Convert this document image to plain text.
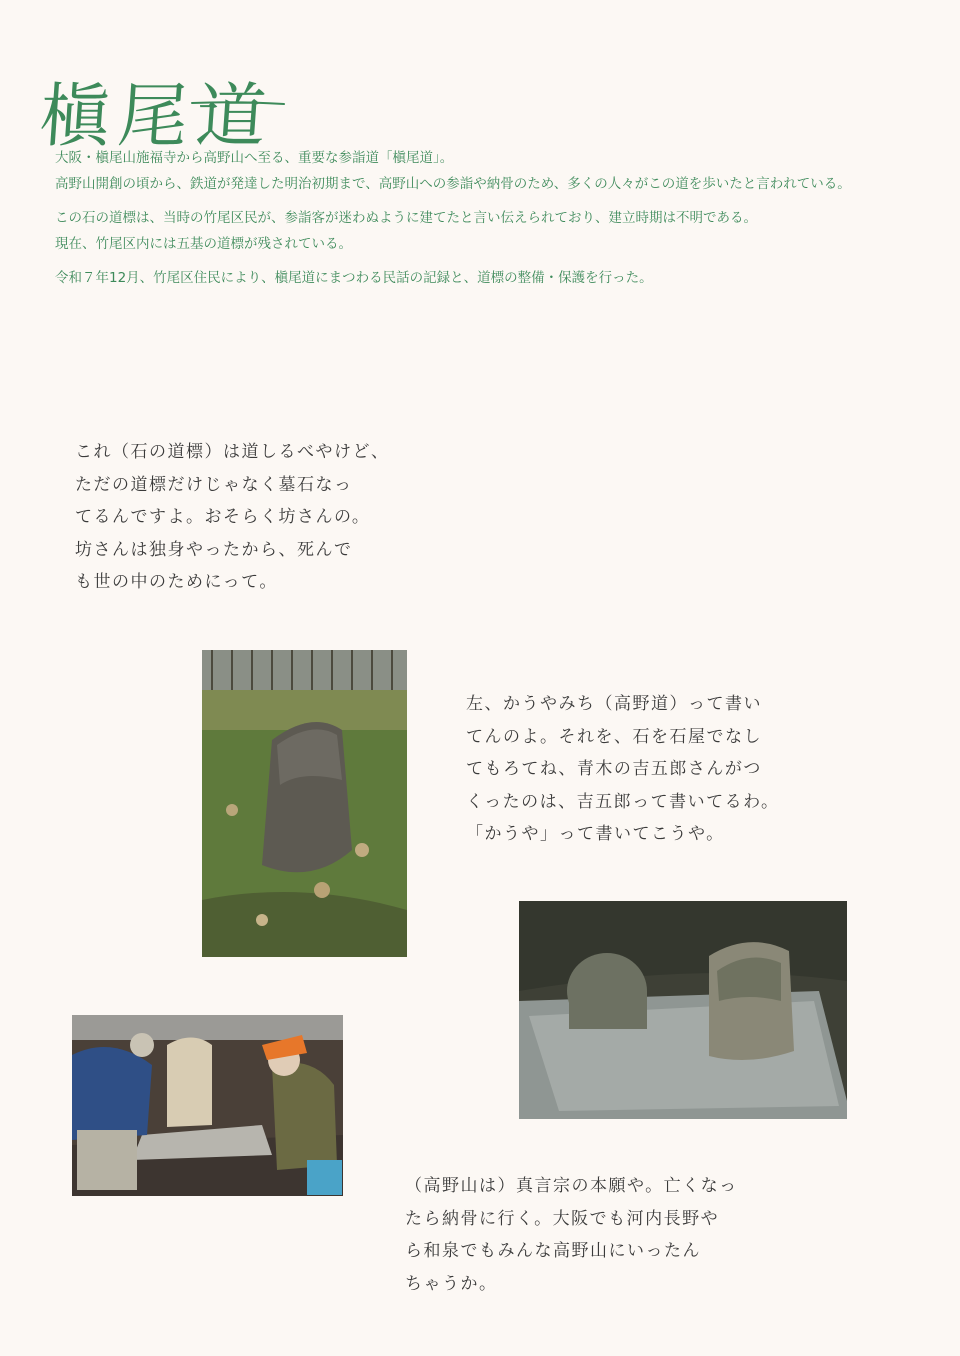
槇尾道

大阪・槇尾山施福寺から高野山へ至る、重要な参詣道「槇尾道」。

高野山開創の頃から、鉄道が発達した明治初期まで、高野山への参詣や納骨のため、多くの人々がこの道を歩いたと言われている。

この石の道標は、当時の竹尾区民が、参詣客が迷わぬように建てたと言い伝えられており、建立時期は不明である。

現在、竹尾区内には五基の道標が残されている。

令和７年12月、竹尾区住民により、槇尾道にまつわる民話の記録と、道標の整備・保護を行った。

これ（石の道標）は道しるべやけど、

ただの道標だけじゃなく墓石なっ

てるんですよ。おそらく坊さんの。

坊さんは独身やったから、死んで

も世の中のためにって。

左、かうやみち（高野道）って書い

てんのよ。それを、石を石屋でなし

てもろてね、青木の吉五郎さんがつ

くったのは、吉五郎って書いてるわ。

「かうや」って書いてこうや。

（高野山は）真言宗の本願や。亡くなっ

たら納骨に行く。大阪でも河内長野や

ら和泉でもみんな高野山にいったん

ちゃうか。
